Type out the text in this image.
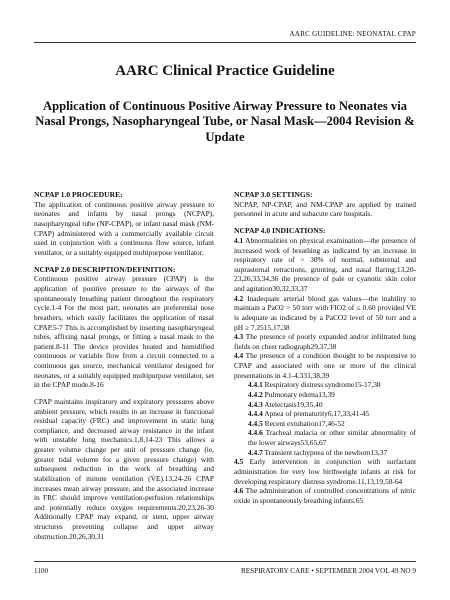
AARC GUIDELINE: NEONATAL CPAP
AARC Clinical Practice Guideline
Application of Continuous Positive Airway Pressure to Neonates via Nasal Prongs, Nasopharyngeal Tube, or Nasal Mask—2004 Revision & Update

NCPAP 1.0 PROCEDURE:

The application of continuous positive airway pressure to neonates and infants by nasal prongs (NCPAP), nasopharyngeal tube (NP-CPAP), or infant nasal mask (NM-CPAP) administered with a commercially available circuit used in conjunction with a continuous flow source, infant ventilator, or a suitably equipped multipurpose ventilator.

NCPAP 2.0 DESCRIPTION/DEFINITION:

Continuous positive airway pressure (CPAP) is the application of positive pressure to the airways of the spontaneously breathing patient throughout the respiratory cycle.1-4 For the most part, neonates are preferential nose breathers, which easily facilitates the application of nasal CPAP.5-7 This is accomplished by inserting nasopharyngeal tubes, affixing nasal prongs, or fitting a nasal mask to the patient.8-11 The device provides heated and humidified continuous or variable flow from a circuit connected to a continuous gas source, mechanical ventilator designed for neonates, or a suitably equipped multipurpose ventilator, set in the CPAP mode.8-16

CPAP maintains inspiratory and expiratory pressures above ambient pressure, which results in an increase in functional residual capacity (FRC) and improvement in static lung compliance, and decreased airway resistance in the infant with unstable lung mechanics.1,8,14-23 This allows a greater volume change per unit of pressure change (ie, greater tidal volume for a given pressure change) with subsequent reduction in the work of breathing and stabilization of minute ventilation (V̇E).13,24-26 CPAP increases mean airway pressure, and the associated increase in FRC should improve ventilation-perfusion relationships and potentially reduce oxygen requirements.20,23,26-30 Additionally CPAP may expand, or stent, upper airway structures preventing collapse and upper airway obstruction.20,26,30,31

NCPAP 3.0 SETTINGS:

NCPAP, NP-CPAP, and NM-CPAP are applied by trained personnel in acute and subacute care hospitals.

NCPAP 4.0 INDICATIONS:

4.1 Abnormalities on physical examination—the presence of increased work of breathing as indicated by an increase in respiratory rate of > 30% of normal, substernal and suprasternal retractions, grunting, and nasal flaring;13,20-23,26,33,34,36 the presence of pale or cyanotic skin color and agitation30,32,33,37

4.2 Inadequate arterial blood gas values—the inability to maintain a PaO2 > 50 torr with FIO2 of ≤ 0.60 provided V̇E is adequate as indicated by a PaCO2 level of 50 torr and a pH ≥ 7.2515,17,38

4.3 The presence of poorly expanded and/or infiltrated lung fields on chest radiograph29,37,38

4.4 The presence of a condition thought to be responsive to CPAP and associated with one or more of the clinical presentations in 4.1-4.331,38,39

4.4.1 Respiratory distress syndrome15-17,38

4.4.2 Pulmonary edema13,39

4.4.3 Atelectasis19,35,40

4.4.4 Apnea of prematurity6,17,33,41-45

4.4.5 Recent extubation17,46-52

4.4.6 Tracheal malacia or other similar abnormality of the lower airways53,65,67

4.4.7 Transient tachypnea of the newborn13,37

4.5 Early intervention in conjunction with surfactant administration for very low birthweight infants at risk for developing respiratory distress syndrome.11,13,19,58-64

4.6 The administration of controlled concentrations of nitric oxide in spontaneously breathing infants.65

1100	RESPIRATORY CARE • SEPTEMBER 2004 VOL 49 NO 9
